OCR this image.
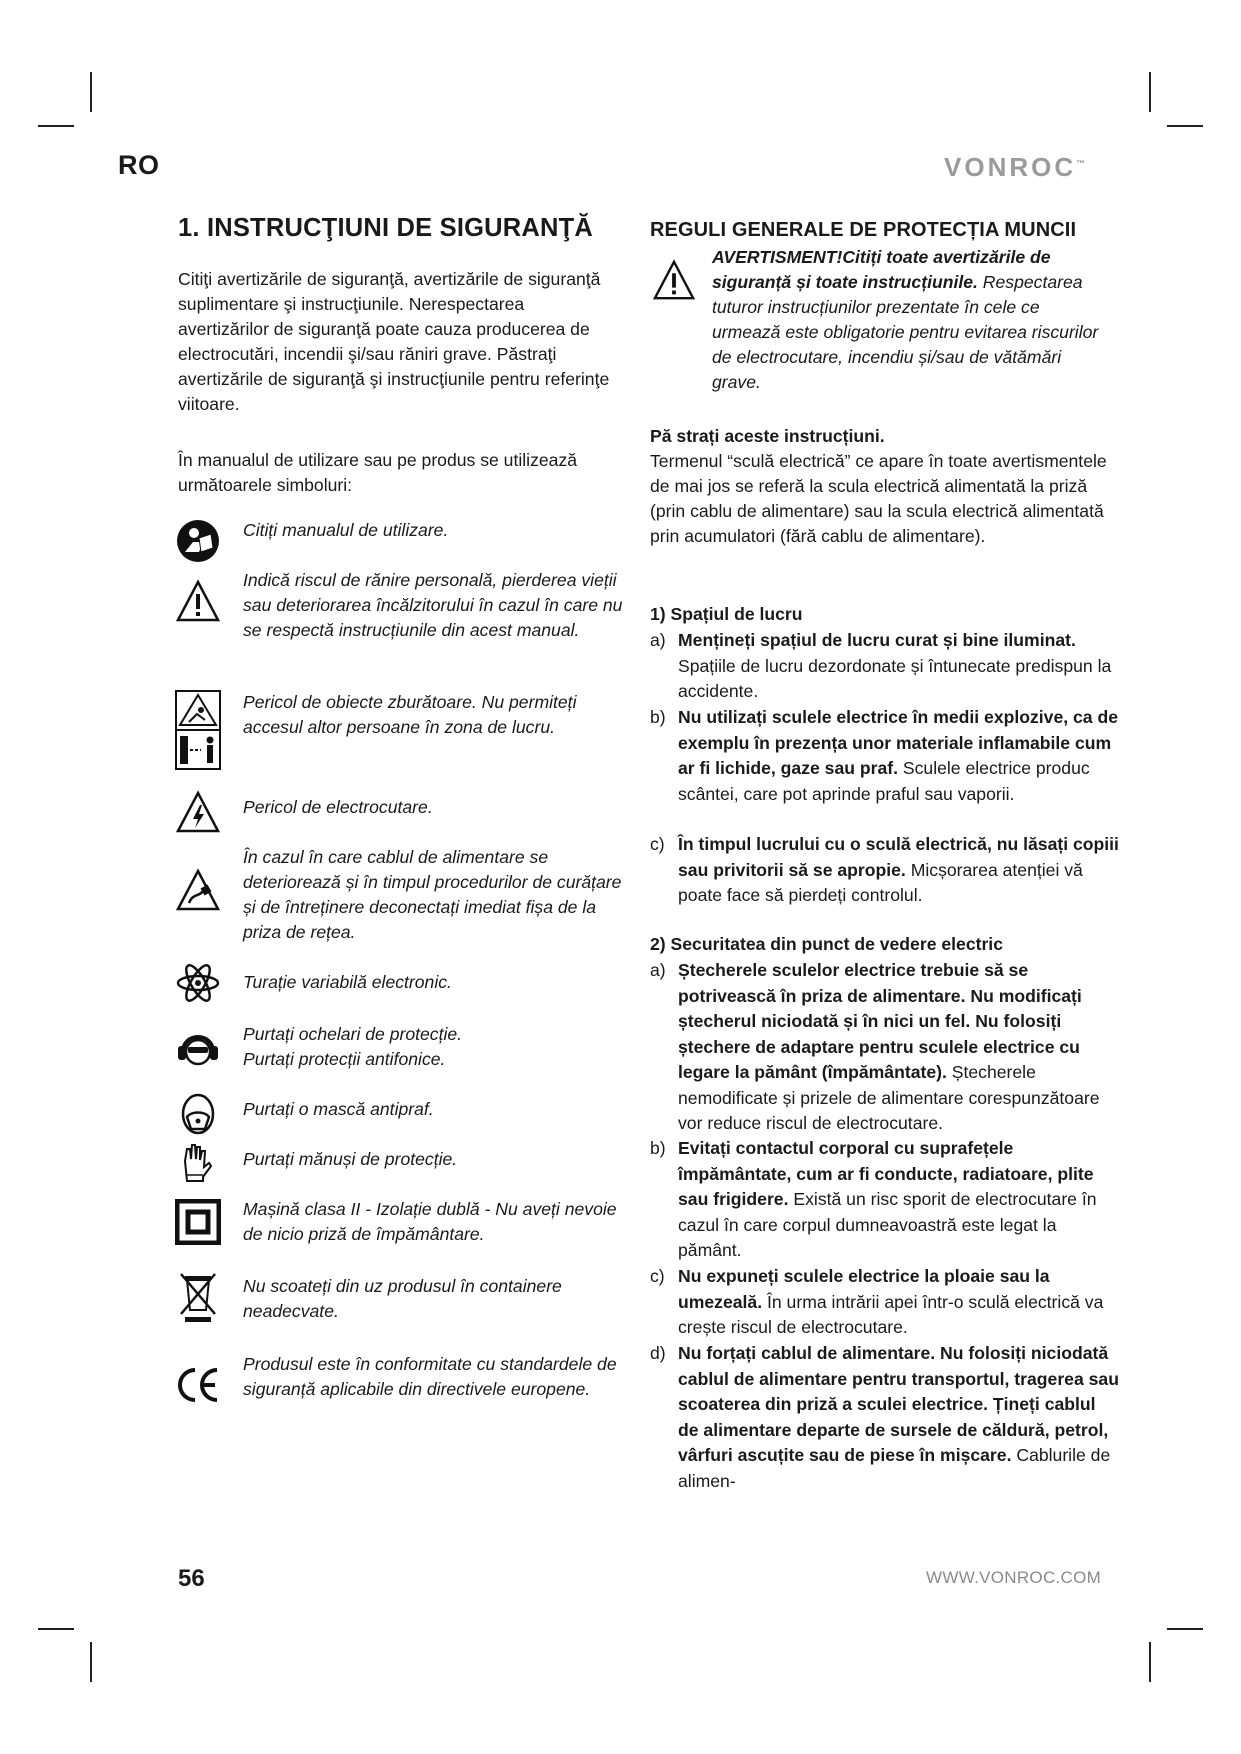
RO	VONROC™
1. INSTRUCŢIUNI DE SIGURANŢĂ
Citiţi avertizările de siguranţă, avertizările de siguranţă suplimentare şi instrucţiunile. Nerespectarea avertizărilor de siguranţă poate cauza producerea de electrocutări, incendii şi/sau răniri grave. Păstraţi avertizările de siguranţă şi instrucţiunile pentru referinţe viitoare.
În manualul de utilizare sau pe produs se utilizează următoarele simboluri:
Citiți manualul de utilizare.
Indică riscul de rănire personală, pierderea vieții sau deteriorarea încălzitorului în cazul în care nu se respectă instrucțiunile din acest manual.
Pericol de obiecte zburătoare. Nu permiteți accesul altor persoane în zona de lucru.
Pericol de electrocutare.
În cazul în care cablul de alimentare se deteriorează și în timpul procedurilor de curățare și de întreținere deconectați imediat fișa de la priza de rețea.
Turație variabilă electronic.
Purtați ochelari de protecție.
Purtați protecții antifonice.
Purtați o mască antipraf.
Purtați mănuși de protecție.
Mașină clasa II - Izolație dublă - Nu aveți nevoie de nicio priză de împământare.
Nu scoateți din uz produsul în containere neadecvate.
Produsul este în conformitate cu standardele de siguranță aplicabile din directivele europene.
REGULI GENERALE DE PROTECȚIA MUNCII
AVERTISMENT!Citiți toate avertizările de siguranță și toate instrucțiunile. Respectarea tuturor instrucțiunilor prezentate în cele ce urmează este obligatorie pentru evitarea riscurilor de electrocutare, incendiu și/sau de vătămări grave.
Pă strați aceste instrucțiuni.
Termenul “sculă electrică” ce apare în toate avertismentele de mai jos se referă la scula electrică alimentată la priză (prin cablu de alimentare) sau la scula electrică alimentată prin acumulatori (fără cablu de alimentare).
1) Spațiul de lucru
a) Mențineți spațiul de lucru curat și bine iluminat. Spațiile de lucru dezordonate și întunecate predispun la accidente.
b) Nu utilizați sculele electrice în medii explozive, ca de exemplu în prezența unor materiale inflamabile cum ar fi lichide, gaze sau praf. Sculele electrice produc scântei, care pot aprinde praful sau vaporii.
c) În timpul lucrului cu o sculă electrică, nu lăsați copiii sau privitorii să se apropie. Micșorarea atenției vă poate face să pierdeți controlul.
2) Securitatea din punct de vedere electric
a) Ștecherele sculelor electrice trebuie să se potrivească în priza de alimentare. Nu modificați ștecherul niciodată și în nici un fel. Nu folosiți ștechere de adaptare pentru sculele electrice cu legare la pământ (împământate). Ștecherele nemodificate și prizele de alimentare corespunzătoare vor reduce riscul de electrocutare.
b) Evitați contactul corporal cu suprafețele împământate, cum ar fi conducte, radiatoare, plite sau frigidere. Există un risc sporit de electrocutare în cazul în care corpul dumneavoastră este legat la pământ.
c) Nu expuneți sculele electrice la ploaie sau la umezeală. În urma intrării apei într-o sculă electrică va crește riscul de electrocutare.
d) Nu forțați cablul de alimentare. Nu folosiți niciodată cablul de alimentare pentru transportul, tragerea sau scoaterea din priză a sculei electrice. Țineți cablul de alimentare departe de sursele de căldură, petrol, vârfuri ascuțite sau de piese în mișcare. Cablurile de alimen-
56	WWW.VONROC.COM
